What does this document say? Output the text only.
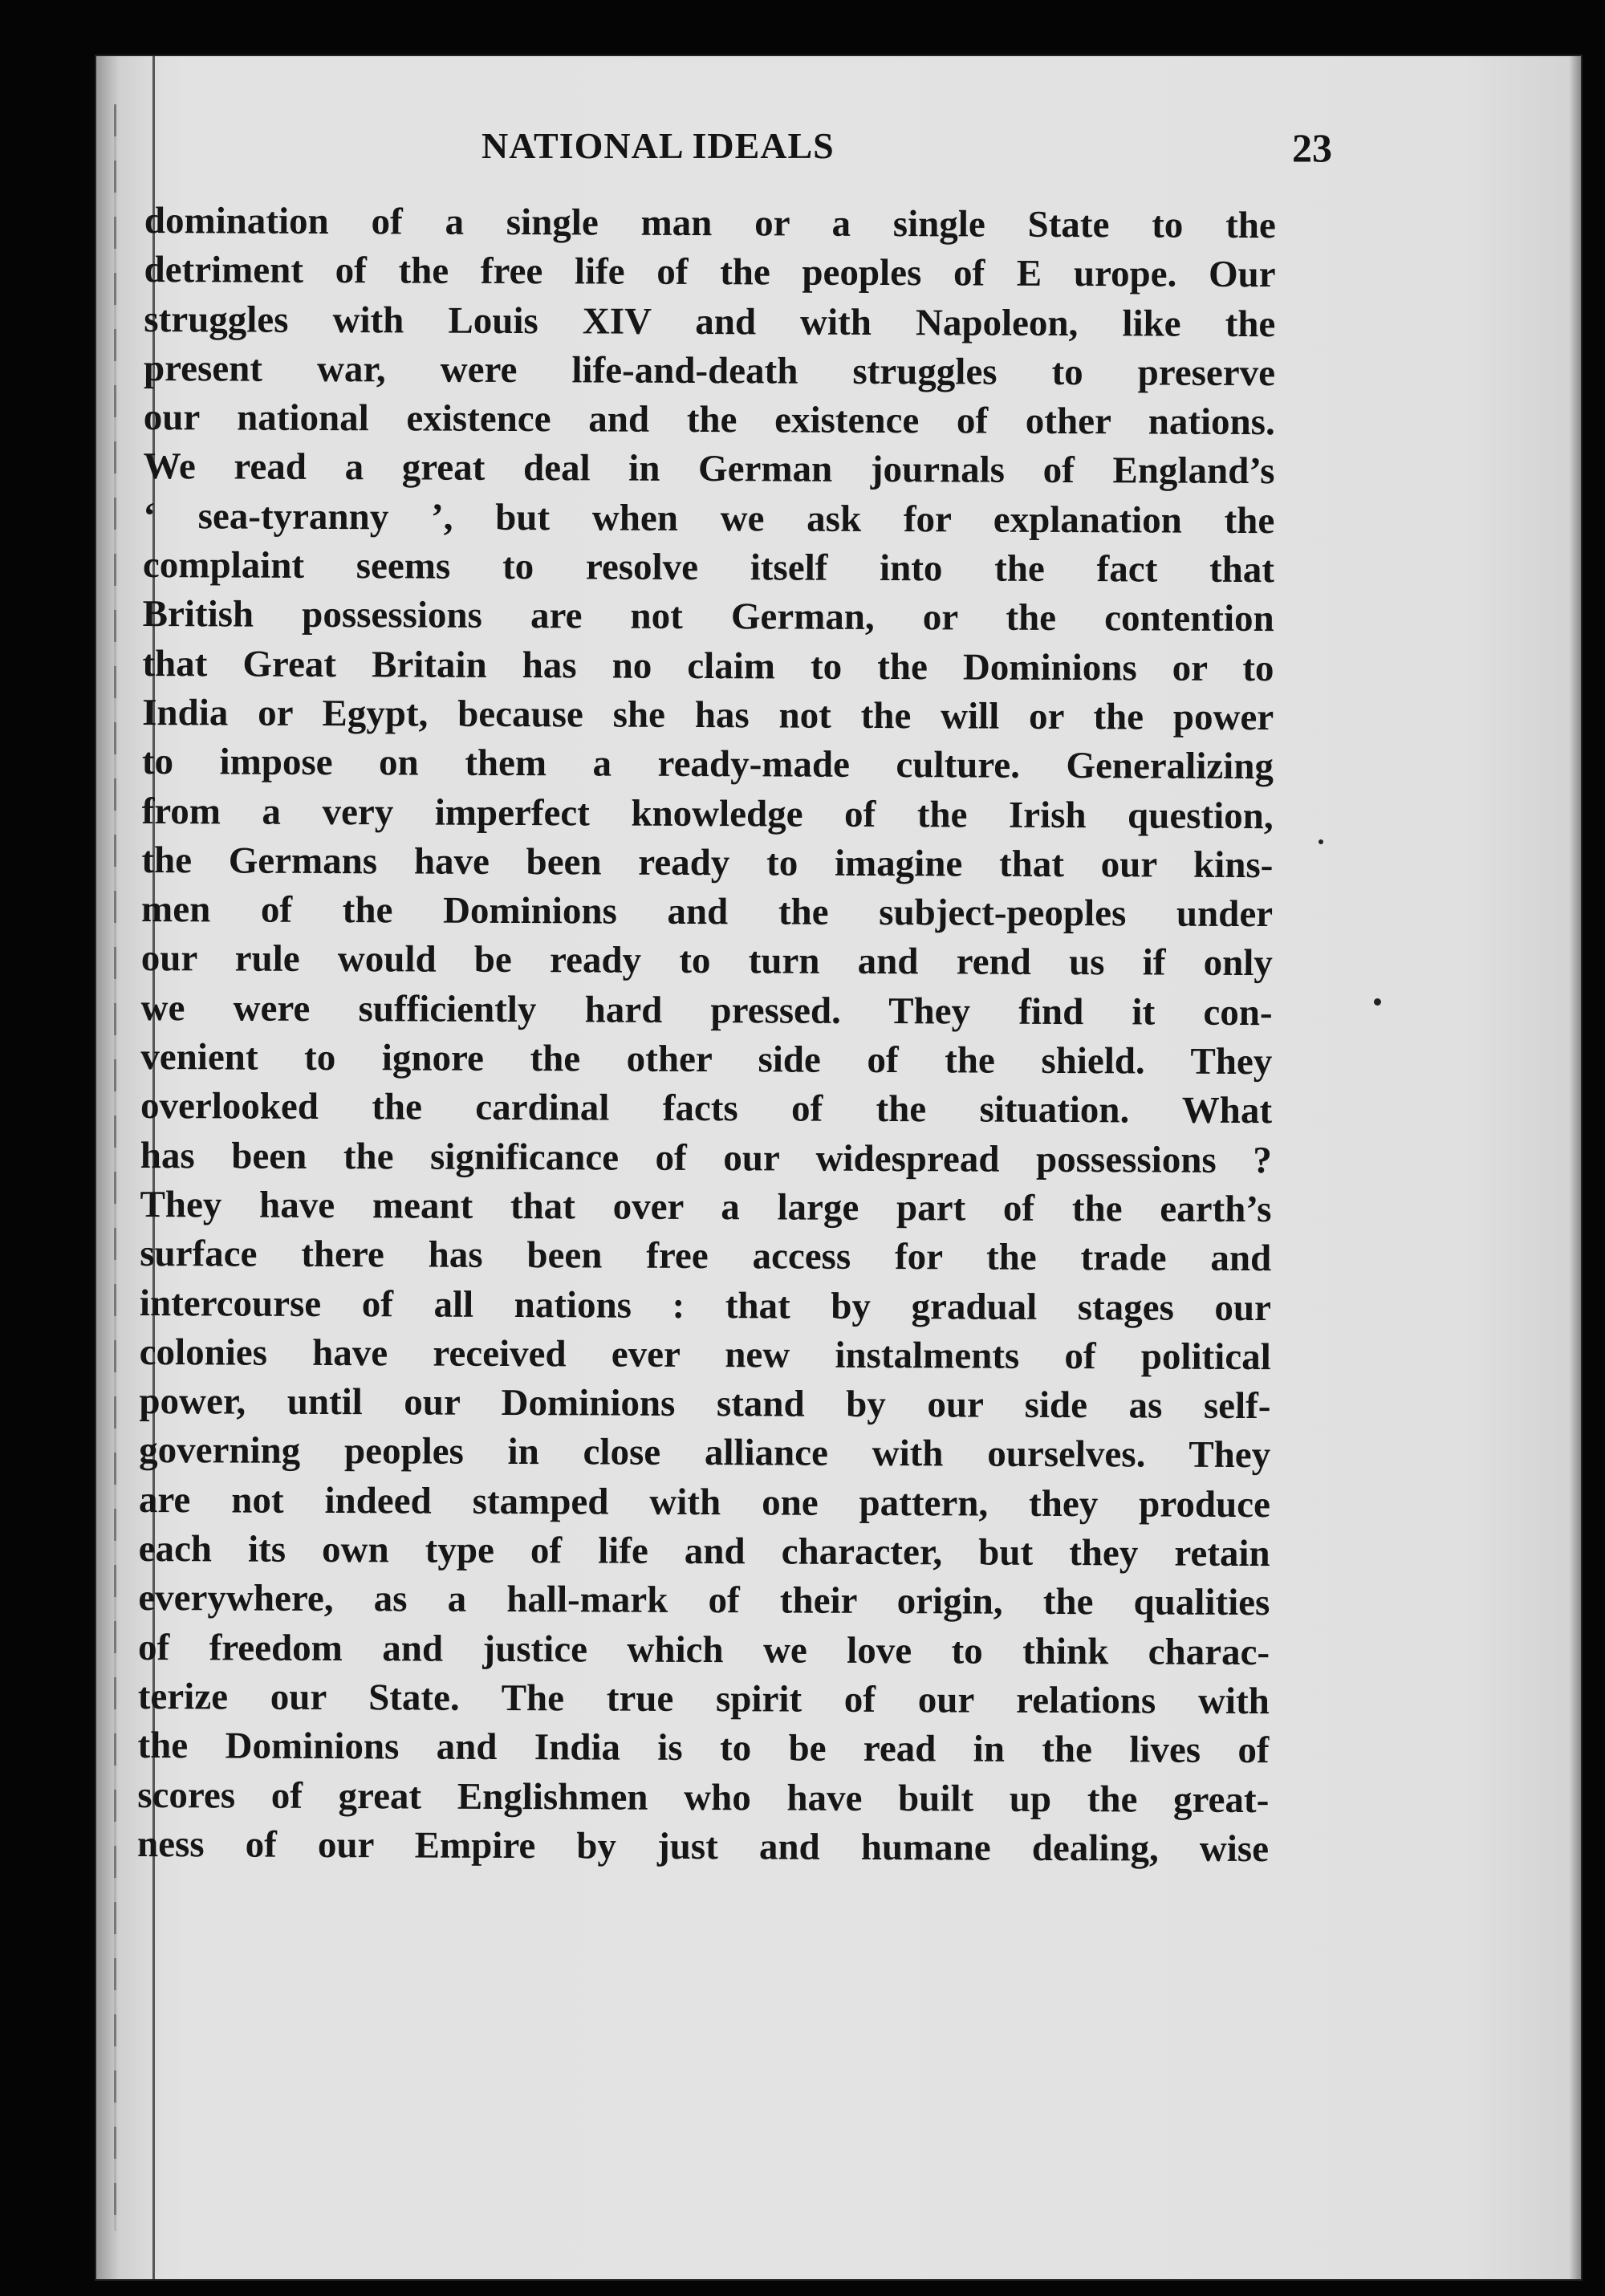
NATIONAL IDEALS	23
domination of a single man or a single State to the
detriment of the free life of the peoples of E urope. Our
struggles with Louis XIV and with Napoleon, like the
present war, were life-and-death struggles to preserve
our national existence and the existence of other nations.
We read a great deal in German journals of England’s
‘ sea-tyranny ’, but when we ask for explanation the
complaint seems to resolve itself into the fact that
British possessions are not German, or the contention
that Great Britain has no claim to the Dominions or to
India or Egypt, because she has not the will or the power
to impose on them a ready-made culture. Generalizing
from a very imperfect knowledge of the Irish question,
the Germans have been ready to imagine that our kins-
men of the Dominions and the subject-peoples under
our rule would be ready to turn and rend us if only
we were sufficiently hard pressed. They find it con-
venient to ignore the other side of the shield. They
overlooked the cardinal facts of the situation. What
has been the significance of our widespread possessions ?
They have meant that over a large part of the earth’s
surface there has been free access for the trade and
intercourse of all nations : that by gradual stages our
colonies have received ever new instalments of political
power, until our Dominions stand by our side as self-
governing peoples in close alliance with ourselves. They
are not indeed stamped with one pattern, they produce
each its own type of life and character, but they retain
everywhere, as a hall-mark of their origin, the qualities
of freedom and justice which we love to think charac-
terize our State. The true spirit of our relations with
the Dominions and India is to be read in the lives of
scores of great Englishmen who have built up the great-
ness of our Empire by just and humane dealing, wise
